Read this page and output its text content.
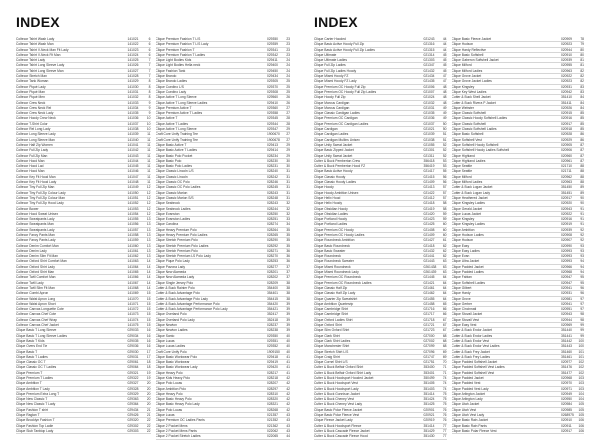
INDEX
Coltecor Tshirt Wash Lady	141021	6
Coltecor Tshirt Wash Man	141022	6
Coltecor Tshirt V-Neck Man Fit Lady	141023	6
Coltecor Tshirt V-Neck Fit Man	141024	6
Coltecor Tshirt Lady	141025	7
Coltecor Tshirt Long Sleeve Lady	141026	7
Coltecor Tshirt Long Sleeve Man	141027	7
Coltecor Stretch Man	141028	7
Coltecor Tank Woman	141029	8
Coltecor Piqué Lady	141030	8
Coltecor Piqué Man	141031	8
Coltecor Piqué Men	141032	8
Coltecor Crew Neck	141033	9
Coltecor Crew Neck Rel	141034	9
Coltecor Crew Neck Lady	141035	9
Coltecor Hoody Crew Neck	141036	10
Coltecor T-Shirt Color	141037	10
Coltecor Rel Long Lady	141038	10
Coltecor Long Sleeve Lady	141039	11
Coltecor Long Sleeve Man	141040	11
Coltecor Half Zip Women	141041	11
Coltecor Full Zip Lady	141042	11
Coltecor Full Zip Man	141043	11
Coltecor Hood Man	141044	11
Coltecor Hood Lad	141045	11
Coltecor Hood Man	141046	11
Coltecor Key Fit Hood Man	141047	11
Coltecor Key Fit Hood Lady	141048	11
Coltecor Tiny Full Zip Man	141049	12
Coltecor Tiny Full Zip Colour Lady	141050	12
Coltecor Tiny Full Zip Colour Man	141051	12
Coltecor Tiny Full Zip Hood Lady	141052	12
Coltecor Bower	141053	12
Coltecor Hood Sweat Unisex	141054	12
Coltecor Sweatpants Lady	141055	13
Coltecor Sweatpants Man	141056	13
Coltecor Sweatpants Lady	141057	13
Coltecor Fancy Pants Man	141058	13
Coltecor Fancy Pants Lady	141059	13
Coltecor Denim Comfort Man	141060	13
Coltecor Denim Lady	141061	13
Coltecor Denim Slim Fit Man	141062	13
Coltecor Oxford Shirt Comfort Man	141063	14
Coltecor Oxford Shirt Lady	141064	14
Coltecor Oxford Shirt Man	141065	14
Coltecor Twill Comfort Man	141066	14
Coltecor Twill Lady	141067	14
Coltecor Twill Slim Fit Man	141068	14
Coltecor Combi Apron	141069	15
Coltecor Waist Apron Long	141070	15
Coltecor Waist Apron Short	141071	15
Coltecor Canvas Longuette Cote	141072	15
Coltecor Canvas Chef Cote	141073	15
Coltecor Canvas Chef Wrap	141074	15
Coltecor Canvas Chef Jacket	141075	15
Clique Basic T Long Sleeve	029033	16
Clique Basic T Long Sleeve Ladies	029034	16
Clique Basic T Kids	029035	16
Clique Overs End Tie	029036	16
Clique Basic T	029030	17
Clique Basic T Ladies	029031	17
Clique Classic OC T	029061	18
Clique Classic OC T Ladies	029064	18
Clique Premium T	029321	19
Clique Premium T Ladies	029322	19
Clique Ambition T	029327	20
Clique Ambition T Lady	029328	20
Clique Premium Extra Long T	029329	20
Clique New Classic T	029363	20
Clique New Classic T Lady	029364	20
Clique Fashion T shirt	029434	21
Clique Raglan T	029426	21
Clique Brooklyn Fashion T	029320	22
Clique Fashion Top Ladie	029302	22
Clique Slub Tanktop Lady	029303	22
Clique Premium Fashion T L/S	029350	23
Clique Premium Fashion T L/S Lady	029359	23
Clique Premium Fashion T	029341	23
Clique Premium Fashion T Ladies	029342	23
Clique Light Bodies Kids	029411	24
Clique Light Bodies Hella neck	029400	24
Clique Fashion Tank	029450	24
Clique Brando	029434	24
Clique Brando Ladies	029305	25
Clique Cuedino L/S	029370	25
Clique Cuedino Lady	029308	25
Clique Active T Long Sleeve	029560	26
Clique Active T Long Sleeve Ladies	029410	26
Clique Premium Active T	029360	27
Clique Premium Active T Ladies	029358	27
Clique Active T	029345	28
Clique Active T Ladies	029344	28
Clique Active T Long Sleeve	029347	29
Craft Core Unify Training Tee	1900670	27
Craft Core Unify Training Tee	1900678	27
Clique Basic Active T	029413	29
Clique Basic Active T Ladies	029414	29
Clique Basic Polo Pocket	028234	29
Clique Basic Polo	028230	30
Clique Basic Polo Ladies	028231	30
Clique Classic Lincoln L/S	028240	31
Clique Classic Lincoln	028242	31
Clique Classic OC Polo	028246	31
Clique Classic OC Polo Ladies	028245	31
Clique Classic Marion	028243	31
Clique Classic Marion S/S	028248	31
Clique Seabrook	028243	32
Clique Seabrook Ladies	028244	32
Clique Evanston	028250	32
Clique Evanston Ladies	028251	33
Clique Carolina	028274	34
Clique Heavy Premium Polo	028264	35
Clique Heavy Premium Polo Ladies	028265	35
Clique Stretch Premium Polo	028290	35
Clique Stretch Premium Polo Ladies	028292	35
Clique Stretch Premium Polo	028271	36
Clique Stretch Premium LS Polo Lady	028270	36
Clique Pique Polo Lady	028253	36
Clique Pavona Lady	028277	37
Clique New Alameda	028201	37
Clique New Alameda Lady	028202	37
Clique Single Jersey Polo	028209	38
Cutter & Buck Rainier Polo	354400	38
Cutter & Buck Advantage Polo	354401	38
Cutter & Buck Advantage Polo Lady	354415	38
Cutter & Buck Advantage Performance Polo	354420	39
Cutter & Buck Advantage Performance Polo Lady	354421	39
Clique Overland Polo	352417	39
Clique Overland Polo Lady	352418	39
Clique Newton	028237	39
Clique Newton Ladies	028238	39
Clique Santo	029350	40
Clique Lucas	029351	40
Clique Lucas Ladies	029352	40
Craft Core Unify Polo	1909150	40
Clique Basic Workwear Polo	029418	41
Clique Basic Workwear	029419	41
Clique Basic Workwear Lady	029420	41
Clique Heavy Polo	028217	41
Clique Kids Heavy Polo	028218	42
Clique Polo Lucas	028207	42
Clique Ambition Polo	028297	42
Clique Heavy Polo	028310	42
Clique Basic Heavy Polo	028320	42
Clique Basic Heavy Polo Lady	028321	42
Clique Polo Lucas	028268	42
Clique Lucas	021357	43
Clique Premium OC Ladies Pants	021352	43
Clique 2 Pocket Mens	021362	43
Clique 2 Pocket Mens Pants	022062	43
Clique 2 Pocket Stretch Ladies	022065	44
INDEX
Clique Carter Hooded	021243	44
Clique Basic Active Hoody Full Zip	021316	44
Clique Basic Active Hoody Full Zip Ladies	021315	44
Clique Ultimate	021314	45
Clique Ultimate Ladies	021303	45
Clique Full Zip Ladies	021347	45
Clique Full Zip Ladies Hoody	021432	45
Clique Miami Hoody FZ	021434	47
Clique Miami Hoody FZ Lady	021435	47
Clique Premium OC Hoody Full Zip	021006	48
Clique Premium OC Hoody Full Zip Ladies	021007	48
Clique Hoody Full Zip	021024	48
Clique Marcus Cardigan	021032	48
Clique Marcus Cardigan	021031	49
Clique Classic Cardigan Ladies	021035	49
Clique Premium OC Cardigan	021036	49
Clique Premium OC Cardigan Ladies	021037	50
Clique Cardigan	021021	50
Clique Cardigan Ladies	021039	51
Clique Cardigan Mullins Unisex	021038	51
Clique Unity Sweat Jacket	021055	52
Clique Basic Zipped Jacket	021301	52
Clique Unity Sweat Jacket	021311	52
Cutter & Buck Pemberton Crew	356418	53
Cutter & Buck Pemberton Hood FZ	356419	53
Clique Basic Active Hoody	021417	55
Clique Classic Hoody	021415	56
Clique Classic Hoody Ladies	021409	56
Clique Hoody	021413	57
Clique Hoody Ambition Unisex	021422	57
Clique Helix Hood	021412	57
Clique Helix Hoody	021418	58
Clique Obsidian Hoody	021419	58
Clique Obsidian Ladies	021420	59
Clique Portland Hoody	021423	59
Clique Portland Ladies	021425	60
Clique Premium OC Hoody	021408	60
Clique Premium OC Hoody Ladies	021409	60
Clique Roundneck Ambition	021427	61
Clique Basic Roundneck	021418	62
Clique Basic Sweater	021432	62
Clique Roundneck	021441	62
Clique Roundneck Sweater	021443	63
Clique Miami Roundneck	0261438	63
Clique Miami Roundneck Lady	0261439	63
Clique Premium OC Roundneck	021445	64
Clique Premium OC Roundneck Ladies	021421	64
Clique Classic Half Zip	021461	64
Clique Classic Half Zip Lady	021462	64
Clique Quarter Zip Sweatshirt	021455	64
Clique Ambition Quarterzip	021458	65
Clique Cambridge Shirt	021716	66
Clique Cambridge Shirt	021717	66
Clique Oxford Ladies Shirt	021718	67
Clique Oxford Shirt	021721	67
Clique Slim Oxford Shirt	021723	67
Clique Clark Shirt	027000	68
Clique Clark Shirt Ladies	027002	68
Clique Manchester Shirt	027099	68
Clique Stretch Shirt L/S	027096	69
Clique Craig Shirt	021747	69
Clique Cornel Shirt L/S	021751	70
Cutter & Buck Belfair Oxford Shirt	353400	71
Cutter & Buck Belfair Oxford Shirt Lady	353401	71
Cutter & Buck Hoodsport Hooded Jacket	350499	74
Cutter & Buck Hoodsport Vest	351405	74
Cutter & Buck Hoodsport Lady	351403	74
Cutter & Buck Gunnison Jacket	351414	75
Cutter & Buck Cheney Vest	351424	75
Cutter & Buck Cheney Vest Lady	351425	75
Clique Basic Polar Fleece Jacket	020901	76
Clique Basic Polar Fleece Vest	020921	76
Clique Fleece Jacket Lady	020919	76
Cutter & Buck Hoodsport Fleece	351414	77
Cutter & Buck Cascade Fleece Jacket	351429	77
Cutter & Buck Cascade Fleece Hood	351430	77
Clique Basic Fleece Jacket	020909	78
Clique Hudson	020923	79
Clique Hardy Reflective	020944	80
Clique Basic Softshell	020910	80
Clique Gaberon Softshell Jacket	020939	81
Clique Milford	020955	81
Clique Milford Ladies	020963	82
Clique Grove Jacket	020922	82
Clique Grove Jacket Ladies	020923	82
Clique Kingsley	020931	83
Clique Key West Ladies	020942	83
Cutter & Buck Shell Jacket	351410	84
Cutter & Buck Rivera P Jacket	351411	84
Clique Webster	020926	84
Clique Classic Softshell	020915	85
Clique Classic Hoody Softshell Ladies	020916	85
Clique Classic Softshell	020917	85
Clique Classic Softshell Ladies	020918	85
Clique Basic Softshell	020928	86
Clique Softshell Vest	020929	86
Clique Softshell Hoody Softshell	020905	87
Clique Softshell Hoody Ladies Softshell	020906	87
Clique Highland	020960	87
Clique Highland Ladies	020961	87
Clique Seattle	021710	88
Clique Seattle	021711	88
Clique Milford	020962	88
Clique Milford Ladies	020963	88
Cutter & Buck Logan Jacket	351450	89
Cutter & Buck Logan Lady	351451	89
Clique Heathered Jacket	020917	90
Clique Kingsley Ladies	020920	90
Clique Gerald Jacket	020943	91
Clique Lucas Jacket	020922	91
Clique Kingsley	020916	91
Clique Kingsley Ladies	020919	91
Clique Ambition	020939	92
Clique Hudson Ladies	020908	92
Clique Hudson	020907	92
Clique Easy	020990	93
Clique Easy Ladies	020993	93
Clique Evan	020993	93
Clique Ultra Jacket	020993	94
Clique Padded Jacket	020966	94
Clique Padded Ladies	020968	94
Clique Fabian	020947	95
Clique Softshell Ladies	020947	95
Clique Gilbert	020941	96
Clique Hardy	020931	96
Clique Grove	020981	97
Clique Gerber	020941	97
Clique Cincinnati	020951	97
Clique Stovall Jacket	020943	98
Clique Stovall Vest	020944	98
Clique Easy Vest	020969	99
Cutter & Buck Endor Jacket	351440	99
Cutter & Buck Endor Ladies	351441	99
Cutter & Buck Endor Vest	351442	100
Cutter & Buck Endor Vest Ladies	351443	100
Cutter & Buck Frey Jacket	351460	101
Cutter & Buck Frey Ladies	351461	101
Clique Padded Softshell Jacket	020977	102
Clique Padded Softshell Vest Ladies	351476	102
Clique Padded Softshell Vest	351477	102
Clique Padded Jacket	020968	103
Clique Padded Vest	020970	103
Clique Padded Vest Lady	020971	103
Clique Arlington Jacket	020949	104
Clique Arlington Lady	020950	104
Clique Utah Jacket	020984	105
Clique Utah Vest	020985	105
Clique Utah Vest Lady	0268975	105
Clique Basic Rain Jacket	020910	106
Clique Basic Rain Pants	020911	106
Clique Basic Polar Fleece Vest	020917	106
